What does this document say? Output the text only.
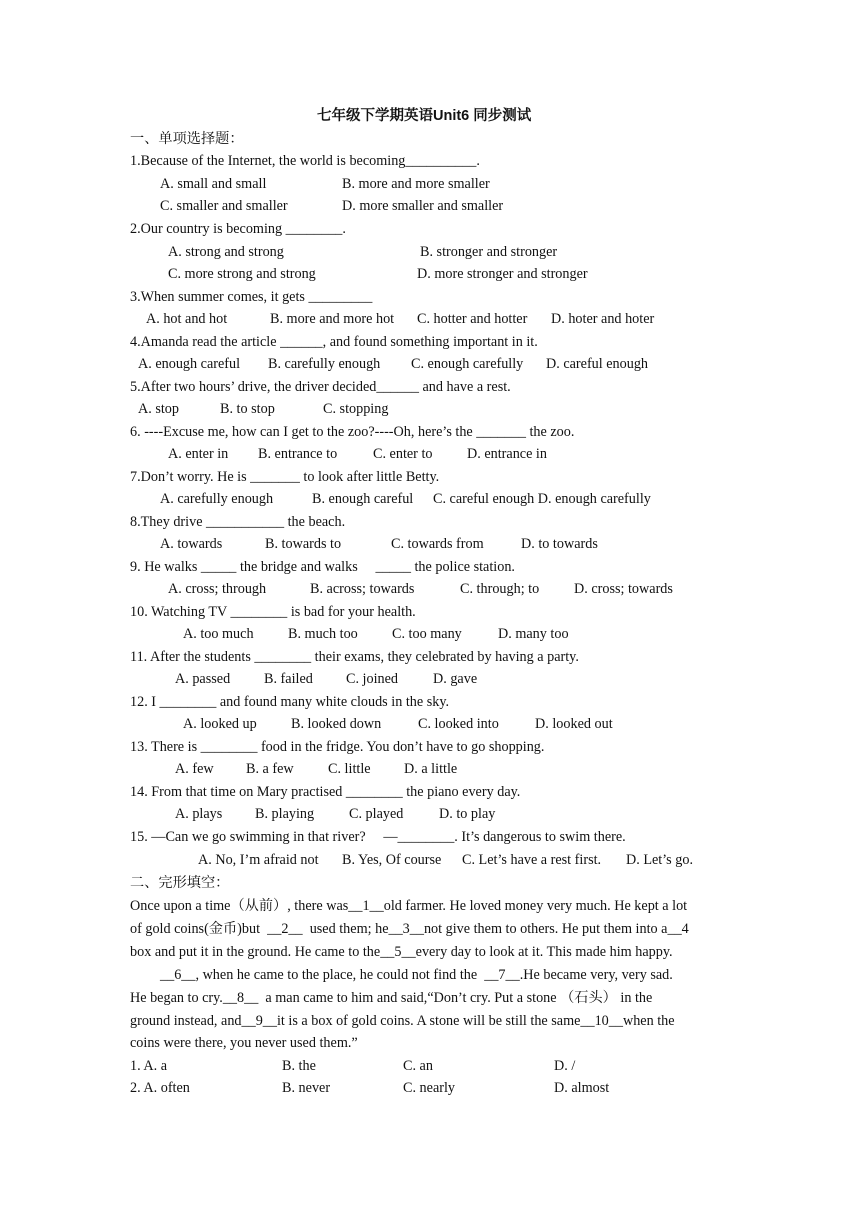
七年级下学期英语Unit6 同步测试
一、单项选择题：
1.Because of the Internet, the world is becoming__________.
A. small and small	B. more and more smaller
C. smaller and smaller	D. more smaller and smaller
2.Our country is becoming ________.
A. strong and strong	B. stronger and stronger
C. more strong and strong	D. more stronger and stronger
3.When summer comes, it gets _________
A. hot and hot	B. more and more hot C. hotter and hotter D. hoter and hoter
4.Amanda read the article ______, and found something important in it.
A. enough careful B. carefully enough C. enough carefully D. careful enough
5.After two hours’ drive, the driver decided______ and have a rest.
A. stop	B. to stop	C. stopping
6. ----Excuse me, how can I get to the zoo?----Oh, here’s the _______ the zoo.
A. enter in B. entrance to	C. enter to D. entrance in
7.Don’t worry. He is _______ to look after little Betty.
A. carefully enough	B. enough careful C. careful enough D. enough carefully
8.They drive ___________ the beach.
A. towards	B. towards to	C. towards from	D. to towards
9. He walks _____ the bridge and walks     _____ the police station.
A. cross; through	B. across; towards	C. through; to D. cross; towards
10. Watching TV ________ is bad for your health.
A. too much B. much too C. too many	D. many too
11. After the students ________ their exams, they celebrated by having a party.
A. passed B. failed C. joined D. gave
12. I ________ and found many white clouds in the sky.
A. looked up B. looked down	C. looked into	D. looked out
13. There is ________ food in the fridge. You don’t have to go shopping.
A. few B. a few C. little D. a little
14. From that time on Mary practised ________ the piano every day.
A. plays B. playing C. played	D. to play
15. —Can we go swimming in that river?     —________. It’s dangerous to swim there.
A. No, I’m afraid not B. Yes, Of course C. Let’s have a rest first. D. Let’s go.
二、完形填空：
Once upon a time（从前）, there was__1__old farmer. He loved money very much. He kept a lot
of gold coins(金币)but  __2__  used them; he__3__not give them to others. He put them into a__4
box and put it in the ground. He came to the__5__every day to look at it. This made him happy.
__6__, when he came to the place, he could not find the  __7__.He became very, very sad.
He began to cry.__8__  a man came to him and said,“Don’t cry. Put a stone （石头） in the
ground instead, and__9__it is a box of gold coins. A stone will be still the same__10__when the
coins were there, you never used them.”
1. A. a	B. the	C. an	D. /
2. A. often	B. never	C. nearly	D. almost
